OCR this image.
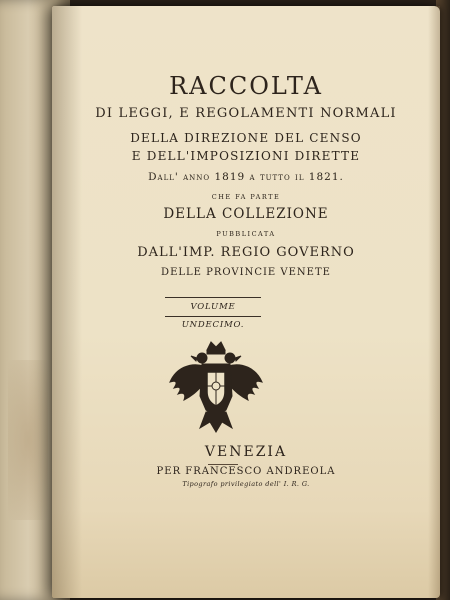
RACCOLTA
DI LEGGI, E REGOLAMENTI NORMALI
DELLA DIREZIONE DEL CENSO
E DELL'IMPOSIZIONI DIRETTE
Dall' anno 1819 a tutto il 1821.
CHE FA PARTE
DELLA COLLEZIONE
PUBBLICATA
DALL'IMP. REGIO GOVERNO
DELLE PROVINCIE VENETE
VOLUME UNDECIMO.
VENEZIA
PER FRANCESCO ANDREOLA
Tipografo privilegiato dell' I. R. G.
